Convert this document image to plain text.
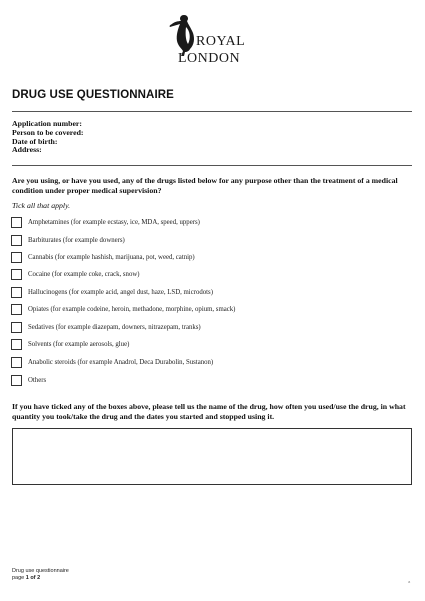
ROYAL
LONDON
DRUG USE QUESTIONNAIRE
Application number:
Person to be covered:
Date of birth:
Address:
Are you using, or have you used, any of the drugs listed below for any purpose other than the treatment of a medical condition under proper medical supervision?
Tick all that apply.
Amphetamines (for example ecstasy, ice, MDA, speed, uppers)
Barbiturates (for example downers)
Cannabis (for example hashish, marijuana, pot, weed, catnip)
Cocaine (for example coke, crack, snow)
Hallucinogens (for example acid, angel dust, haze, LSD, microdots)
Opiates (for example codeine, heroin, methadone, morphine, opium, smack)
Sedatives (for example diazepam, downers, nitrazepam, tranks)
Solvents (for example aerosols, glue)
Anabolic steroids (for example Anadrol, Deca Durabolin, Sustanon)
Others
If you have ticked any of the boxes above, please tell us the name of the drug, how often you used/use the drug, in what quantity you took/take the drug and the dates you started and stopped using it.
Drug use questionnaire
page 1 of 2
a
